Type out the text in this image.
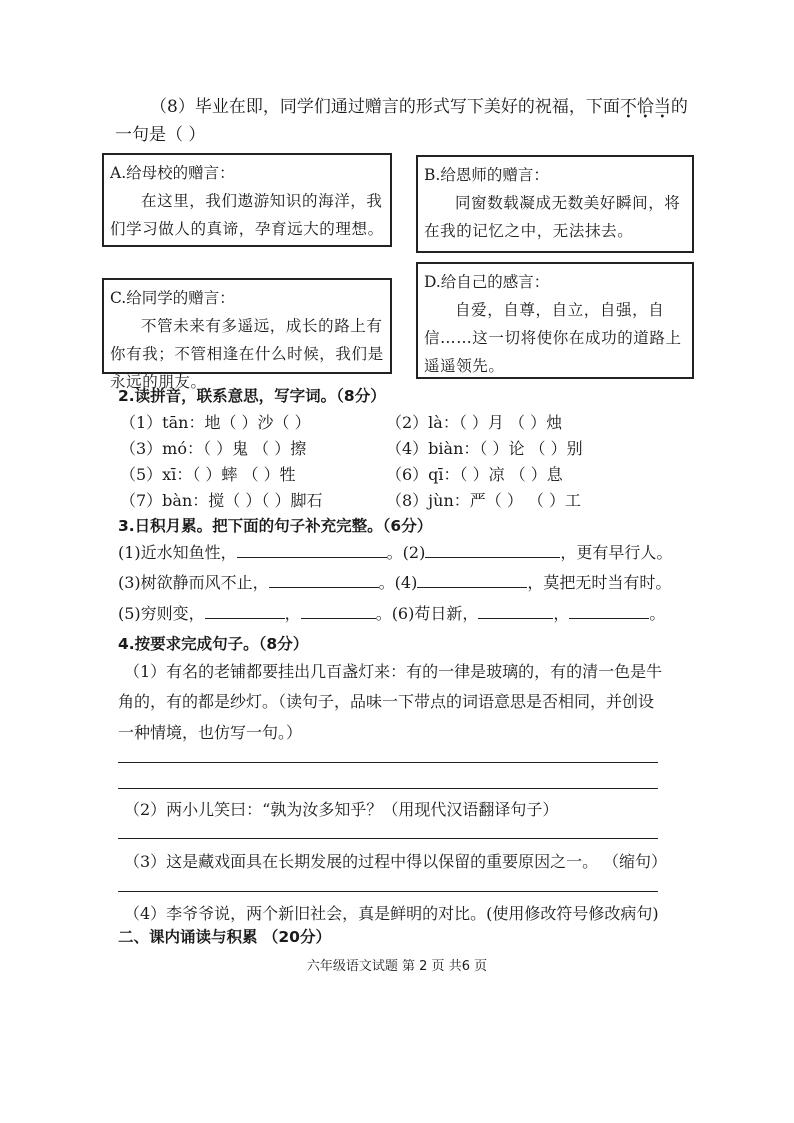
（8）毕业在即，同学们通过赠言的形式写下美好的祝福，下面不恰当的
一句是（ ）
A.给母校的赠言：
在这里，我们遨游知识的海洋，我们学习做人的真谛，孕育远大的理想。
B.给恩师的赠言：
同窗数载凝成无数美好瞬间，将在我的记忆之中，无法抹去。
C.给同学的赠言：
不管未来有多遥远，成长的路上有你有我；不管相逢在什么时候，我们是永远的朋友。
D.给自己的感言：
自爱，自尊，自立，自强，自信……这一切将使你在成功的道路上遥遥领先。
2.读拼音，联系意思，写字词。（8分）
（1）tān：地（ ）沙（ ）	（2）là：（ ）月 （ ）烛
（3）mó：（ ）鬼 （ ）擦	（4）biàn：（ ）论 （ ）别
（5）xī：（ ）蟀 （ ）牲	（6）qī：（ ）凉 （ ）息
（7）bàn：搅（ ）（ ）脚石	（8）jùn：严（ ） （ ）工
3.日积月累。把下面的句子补充完整。（6分）
(1)近水知鱼性，	。(2)	，更有早行人。
(3)树欲静而风不止，	。(4)	，莫把无时当有时。
(5)穷则变，	，	。(6)苟日新，	，	。
4.按要求完成句子。（8分）
（1）有名的老铺都要挂出几百盏灯来：有的一律是玻璃的，有的清一色是牛
角的，有的都是纱灯。（读句子，品味一下带点的词语意思是否相同，并创设
一种情境，也仿写一句。）
（2）两小儿笑曰：“孰为汝多知乎？（用现代汉语翻译句子）
（3）这是藏戏面具在长期发展的过程中得以保留的重要原因之一。 （缩句）
（4）李爷爷说，两个新旧社会，真是鲜明的对比。(使用修改符号修改病句)
二、课内诵读与积累 （20分）
六年级语文试题 第 2 页 共6 页
